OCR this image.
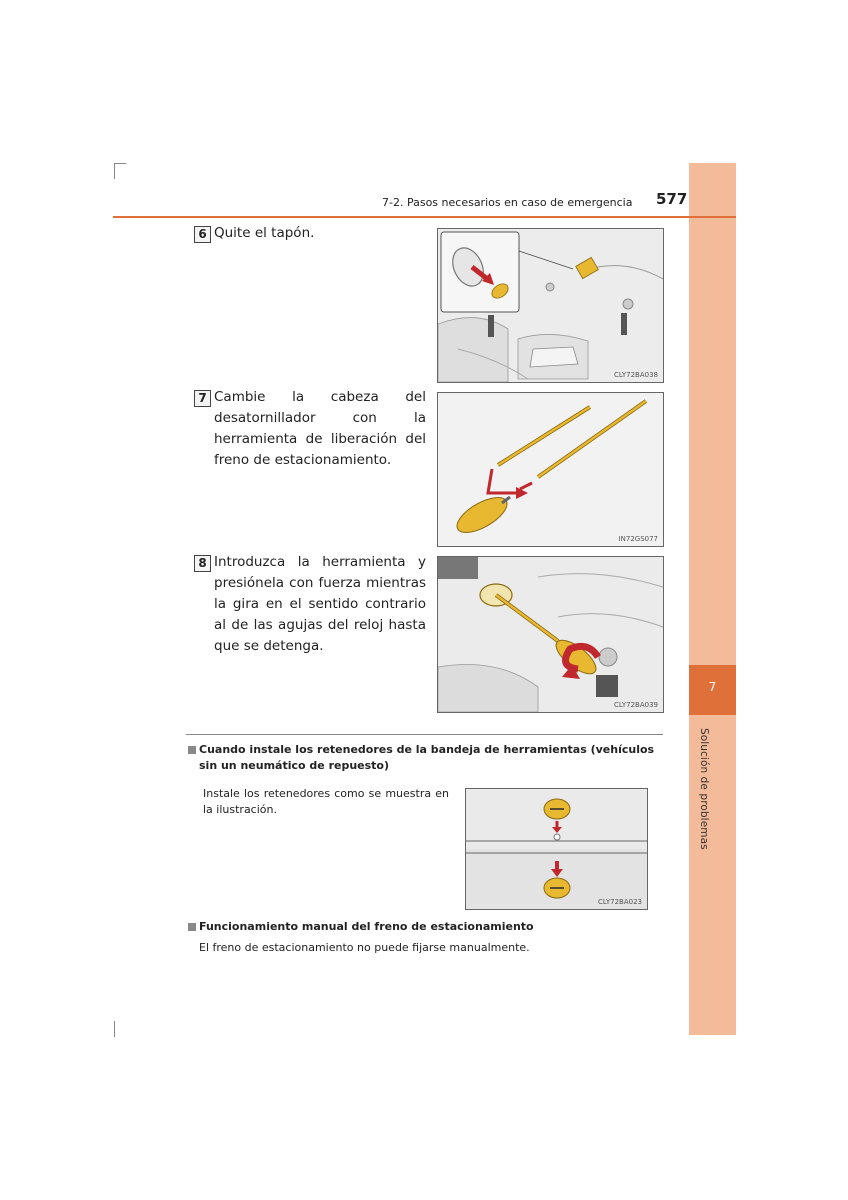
7
Solución de problemas
7-2. Pasos necesarios en caso de emergencia 577
6 Quite el tapón.
CLY72BA038
7 Cambie la cabeza del desatornillador con la herramienta de liberación del freno de estacionamiento.
IN72GS077
8 Introduzca la herramienta y presiónela con fuerza mientras la gira en el sentido contrario al de las agujas del reloj hasta que se detenga.
CLY72BA039
Cuando instale los retenedores de la bandeja de herramientas (vehículos sin un neumático de repuesto)
Instale los retenedores como se muestra en la ilustración.
CLY72BA023
Funcionamiento manual del freno de estacionamiento
El freno de estacionamiento no puede fijarse manualmente.
